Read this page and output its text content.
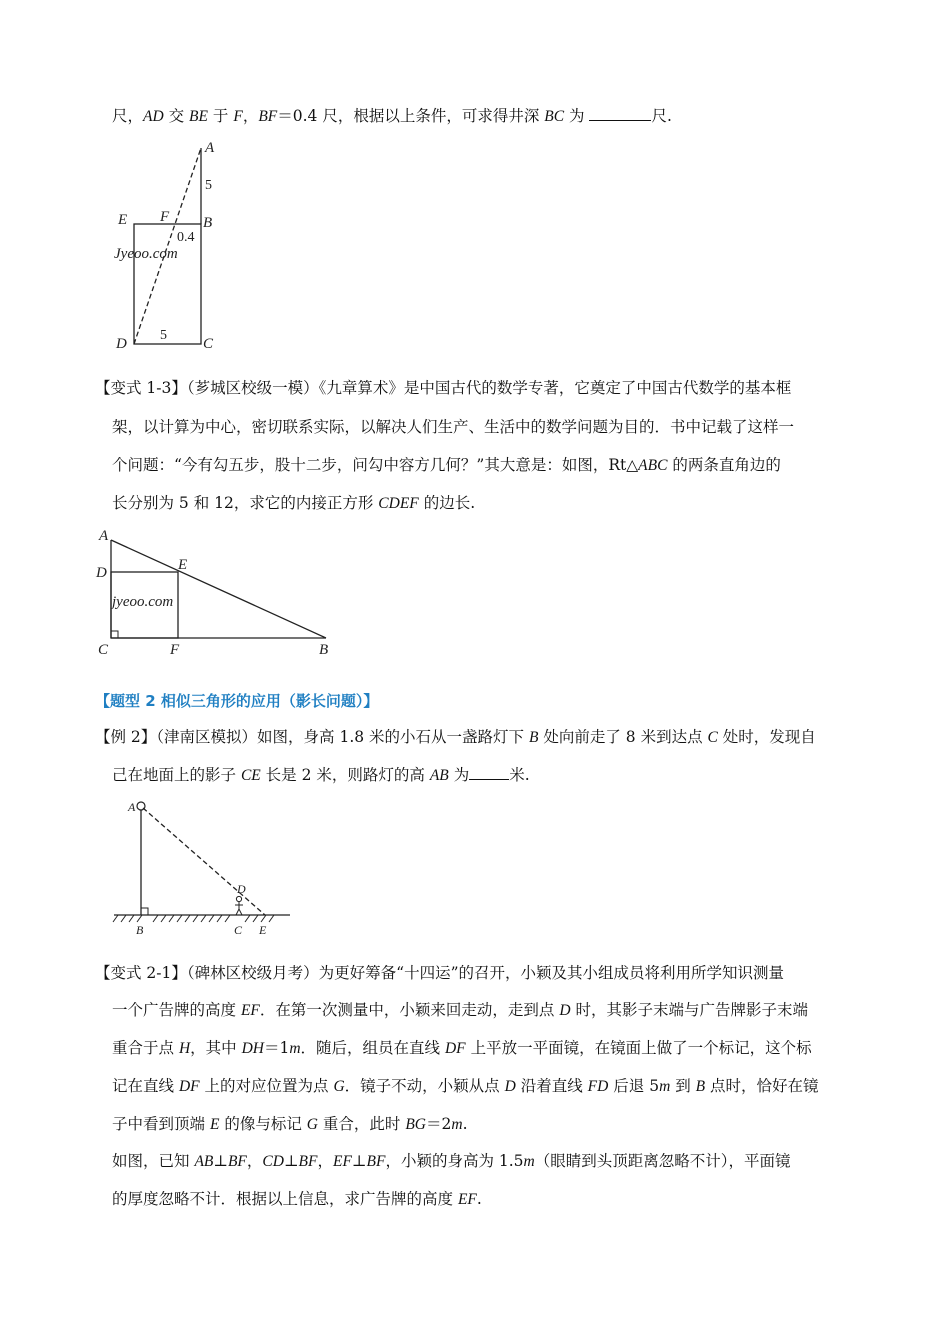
尺，AD 交 BE 于 F，BF＝0.4 尺，根据以上条件，可求得井深 BC 为	尺.
A
5
B
E F
0.4
Jyeoo.com
5
D	C
【变式 1-3】（芗城区校级一模）《九章算术》是中国古代的数学专著，它奠定了中国古代数学的基本框
架，以计算为中心，密切联系实际，以解决人们生产、生活中的数学问题为目的．书中记载了这样一
个问题：“今有勾五步，股十二步，问勾中容方几何？”其大意是：如图，Rt△ABC 的两条直角边的
长分别为 5 和 12，求它的内接正方形 CDEF 的边长.
A
D	E
jyeoo.com
C	F	B
【题型 2 相似三角形的应用（影长问题）】
【例 2】（津南区模拟）如图，身高 1.8 米的小石从一盏路灯下 B 处向前走了 8 米到达点 C 处时，发现自
己在地面上的影子 CE 长是 2 米，则路灯的高 AB 为	米.
A
D
B	C E
【变式 2-1】（碑林区校级月考）为更好筹备“十四运”的召开，小颖及其小组成员将利用所学知识测量
一个广告牌的高度 EF．在第一次测量中，小颖来回走动，走到点 D 时，其影子末端与广告牌影子末端
重合于点 H，其中 DH＝1m．随后，组员在直线 DF 上平放一平面镜，在镜面上做了一个标记，这个标
记在直线 DF 上的对应位置为点 G．镜子不动，小颖从点 D 沿着直线 FD 后退 5m 到 B 点时，恰好在镜
子中看到顶端 E 的像与标记 G 重合，此时 BG＝2m.
如图，已知 AB⊥BF，CD⊥BF，EF⊥BF，小颖的身高为 1.5m（眼睛到头顶距离忽略不计），平面镜
的厚度忽略不计．根据以上信息，求广告牌的高度 EF.
